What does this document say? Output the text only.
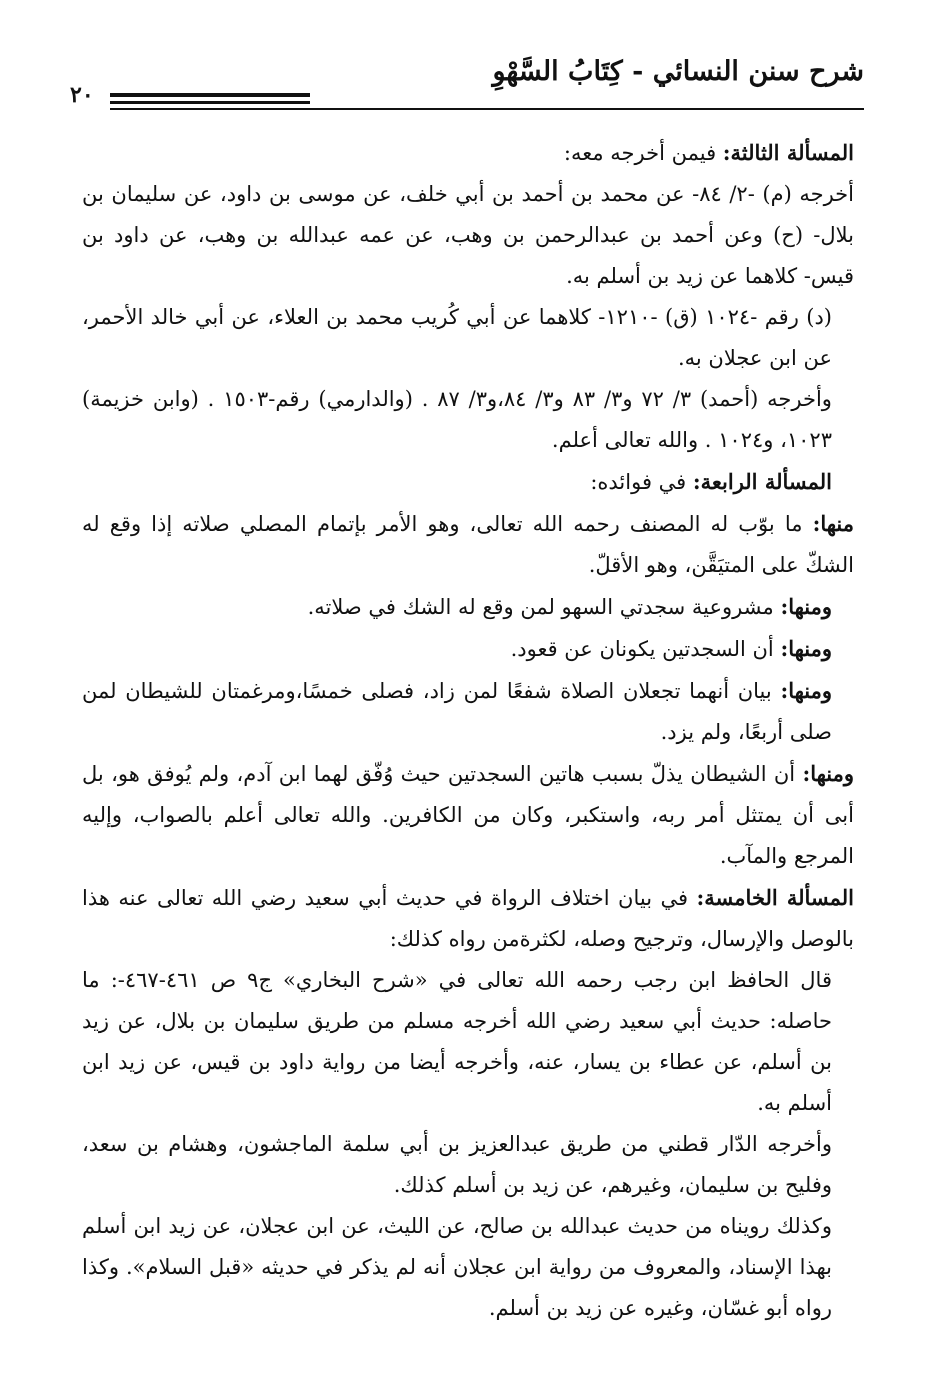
شرح سنن النسائي - كِتَابُ السَّهْوِ
٢٠

المسألة الثالثة: فيمن أخرجه معه:

أخرجه (م) -٢/ ٨٤- عن محمد بن أحمد بن أبي خلف، عن موسى بن داود، عن سليمان بن بلال- (ح) وعن أحمد بن عبدالرحمن بن وهب، عن عمه عبدالله بن وهب، عن داود بن قيس- كلاهما عن زيد بن أسلم به.

(د) رقم -١٠٢٤ (ق) -١٢١٠- كلاهما عن أبي كُريب محمد بن العلاء، عن أبي خالد الأحمر، عن ابن عجلان به.

وأخرجه (أحمد) ٣/ ٧٢ و٣/ ٨٣ و٣/ ٨٤،و٣/ ٨٧ . (والدارمي) رقم-١٥٠٣ . (وابن خزيمة) ١٠٢٣، و١٠٢٤ . والله تعالى أعلم.

المسألة الرابعة: في فوائده:

منها: ما بوّب له المصنف رحمه الله تعالى، وهو الأمر بإتمام المصلي صلاته إذا وقع له الشكّ على المتيَقَّن، وهو الأقلّ.

ومنها: مشروعية سجدتي السهو لمن وقع له الشك في صلاته.

ومنها: أن السجدتين يكونان عن قعود.

ومنها: بيان أنهما تجعلان الصلاة شفعًا لمن زاد، فصلى خمسًا،ومرغمتان للشيطان لمن صلى أربعًا، ولم يزد.

ومنها: أن الشيطان يذلّ بسبب هاتين السجدتين حيث وُفّق لهما ابن آدم، ولم يُوفق هو، بل أبى أن يمتثل أمر ربه، واستكبر، وكان من الكافرين. والله تعالى أعلم بالصواب، وإليه المرجع والمآب.

المسألة الخامسة: في بيان اختلاف الرواة في حديث أبي سعيد رضي الله تعالى عنه هذا بالوصل والإرسال، وترجيح وصله، لكثرةمن رواه كذلك:

قال الحافظ ابن رجب رحمه الله تعالى في «شرح البخاري» ج٩ ص ٤٦١-٤٦٧-: ما حاصله: حديث أبي سعيد رضي الله أخرجه مسلم من طريق سليمان بن بلال، عن زيد بن أسلم، عن عطاء بن يسار، عنه، وأخرجه أيضا من رواية داود بن قيس، عن زيد ابن أسلم به.

وأخرجه الدّار قطني من طريق عبدالعزيز بن أبي سلمة الماجشون، وهشام بن سعد، وفليح بن سليمان، وغيرهم، عن زيد بن أسلم كذلك.

وكذلك رويناه من حديث عبدالله بن صالح، عن الليث، عن ابن عجلان، عن زيد ابن أسلم بهذا الإسناد، والمعروف من رواية ابن عجلان أنه لم يذكر في حديثه «قبل السلام». وكذا رواه أبو غسّان، وغيره عن زيد بن أسلم.
